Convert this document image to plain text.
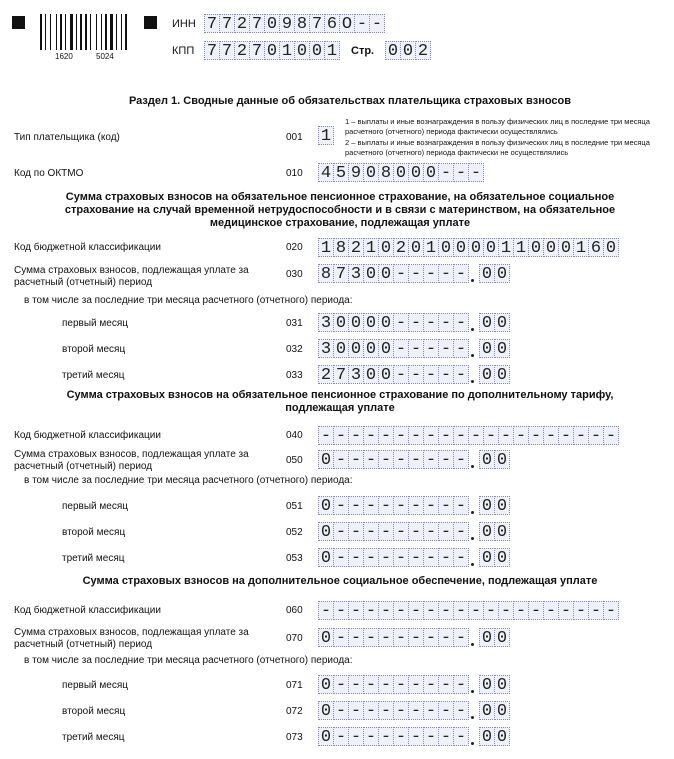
1620	5024
ИНН 7 7 2 7 0 9 8 7 6 О - -
КПП 7 7 2 7 0 1 0 0 1 Стр. 0 0 2
Раздел 1. Сводные данные об обязательствах плательщика страховых взносов
Тип плательщика (код)	001 1
1 – выплаты и иные вознаграждения в пользу физических лиц в последние три месяца расчетного (отчетного) периода фактически осуществлялись
2 – выплаты и иные вознаграждения в пользу физических лиц в последние три месяца расчетного (отчетного) периода фактически не осуществлялись
Код по ОКТМО	010 4 5 9 0 8 0 0 0 - - -
Сумма страховых взносов на обязательное пенсионное страхование, на обязательное социальное страхование на случай временной нетрудоспособности и в связи с материнством, на обязательное медицинское страхование, подлежащая уплате
Код бюджетной классификации	020 1 8 2 1 0 2 0 1 0 0 0 0 1 1 0 0 0 1 6 0
Сумма страховых взносов, подлежащая уплате за расчетный (отчетный) период
030 8 7 3 0 0 - - - - - 0 0
в том числе за последние три месяца расчетного (отчетного) периода:
первый месяц	031 3 0 0 0 0 - - - - - 0 0
второй месяц	032 3 0 0 0 0 - - - - - 0 0
третий месяц	033 2 7 3 0 0 - - - - - 0 0
Сумма страховых взносов на обязательное пенсионное страхование по дополнительному тарифу, подлежащая уплате
Код бюджетной классификации	040 - - - - - - - - - - - - - - - - - - - -
Сумма страховых взносов, подлежащая уплате за расчетный (отчетный) период
050 0 - - - - - - - - - 0 0
в том числе за последние три месяца расчетного (отчетного) периода:
первый месяц	051 0 - - - - - - - - - 0 0
второй месяц	052 0 - - - - - - - - - 0 0
третий месяц	053 0 - - - - - - - - - 0 0
Сумма страховых взносов на дополнительное социальное обеспечение, подлежащая уплате
Код бюджетной классификации	060 - - - - - - - - - - - - - - - - - - - -
Сумма страховых взносов, подлежащая уплате за расчетный (отчетный) период
070 0 - - - - - - - - - 0 0
в том числе за последние три месяца расчетного (отчетного) периода:
первый месяц	071 0 - - - - - - - - - 0 0
второй месяц	072 0 - - - - - - - - - 0 0
третий месяц	073 0 - - - - - - - - - 0 0
